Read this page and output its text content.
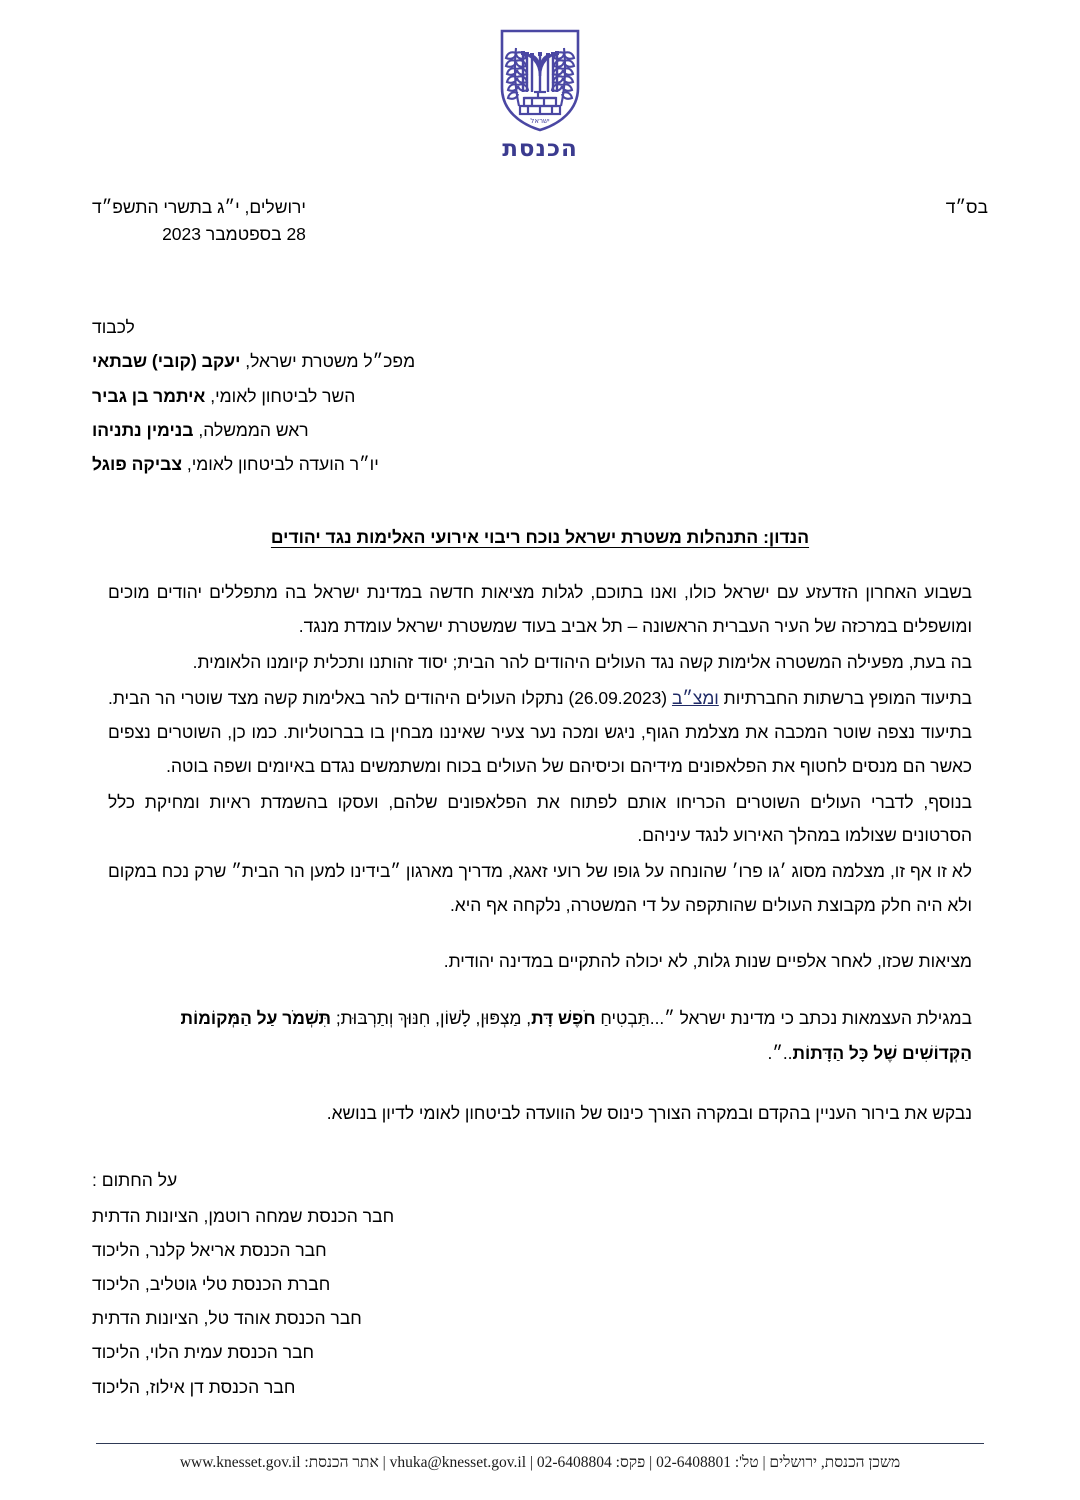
ישראל
הכנסת
בס״ד
ירושלים, י״ג בתשרי התשפ״ד
28 בספטמבר 2023
לכבוד
מפכ״ל משטרת ישראל, יעקב (קובי) שבתאי
השר לביטחון לאומי, איתמר בן גביר
ראש הממשלה, בנימין נתניהו
יו״ר הועדה לביטחון לאומי, צביקה פוגל
הנדון: התנהלות משטרת ישראל נוכח ריבוי אירועי האלימות נגד יהודים

בשבוע האחרון הזדעזע עם ישראל כולו, ואנו בתוכם, לגלות מציאות חדשה במדינת ישראל בה מתפללים יהודים מוכים ומושפלים במרכזה של העיר העברית הראשונה – תל אביב בעוד שמשטרת ישראל עומדת מנגד.

בה בעת, מפעילה המשטרה אלימות קשה נגד העולים היהודים להר הבית; יסוד זהותנו ותכלית קיומנו הלאומית.

בתיעוד המופץ ברשתות החברתיות ומצ״ב (26.09.2023) נתקלו העולים היהודים להר באלימות קשה מצד שוטרי הר הבית. בתיעוד נצפה שוטר המכבה את מצלמת הגוף, ניגש ומכה נער צעיר שאיננו מבחין בו בברוטליות. כמו כן, השוטרים נצפים כאשר הם מנסים לחטוף את הפלאפונים מידיהם וכיסיהם של העולים בכוח ומשתמשים נגדם באיומים ושפה בוטה.

בנוסף, לדברי העולים השוטרים הכריחו אותם לפתוח את הפלאפונים שלהם, ועסקו בהשמדת ראיות ומחיקת כלל הסרטונים שצולמו במהלך האירוע לנגד עיניהם.

לא זו אף זו, מצלמה מסוג ׳גו פרו׳ שהונחה על גופו של רועי זאגא, מדריך מארגון ״בידינו למען הר הבית״ שרק נכח במקום ולא היה חלק מקבוצת העולים שהותקפה על די המשטרה, נלקחה אף היא.

מציאות שכזו, לאחר אלפיים שנות גלות, לא יכולה להתקיים במדינה יהודית.

במגילת העצמאות נכתב כי מדינת ישראל ״...תַּבְטִיחַ חֹפֶשׁ דָּת, מַצְפּוּן, לָשׁוֹן, חִנּוּךְ וְתַרְבּוּת; תִּשְׁמֹר עַל הַמְּקוֹמוֹת
הַקְּדוֹשִׁים שֶׁל כָּל הַדָּתוֹת..״.
נבקש את בירור העניין בהקדם ובמקרה הצורך כינוס של הוועדה לביטחון לאומי לדיון בנושא.
על החתום :
חבר הכנסת שמחה רוטמן, הציונות הדתית
חבר הכנסת אריאל קלנר, הליכוד
חברת הכנסת טלי גוטליב, הליכוד
חבר הכנסת אוהד טל, הציונות הדתית
חבר הכנסת עמית הלוי, הליכוד
חבר הכנסת דן אילוז, הליכוד
משכן הכנסת, ירושלים | טל': 02-6408801 | פקס: 02-6408804 | vhuka@knesset.gov.il | אתר הכנסת: www.knesset.gov.il
